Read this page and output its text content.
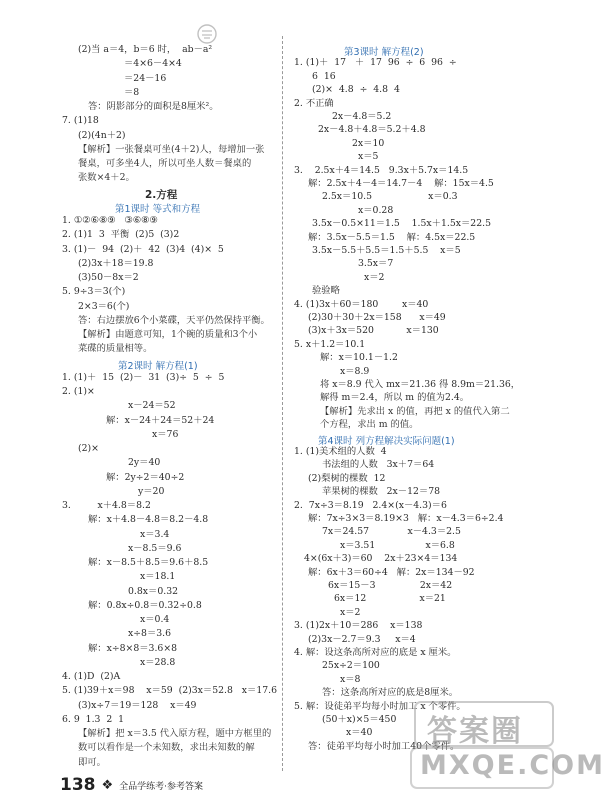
(2)当 a＝4，b＝6 时，  ab－a²
＝4×6－4×4
＝24－16
＝8
答：阴影部分的面积是8厘米²。
7. (1)18
(2)(4n＋2)
【解析】一张餐桌可坐(4＋2)人，每增加一张
餐桌，可多坐4人，所以可坐人数＝餐桌的
张数×4＋2。
2.方程
第1课时 等式和方程
1. ①②⑥⑧⑨   ③⑥⑧⑨
2. (1)1  3  平衡  (2)5  (3)2
3. (1)－  94  (2)＋  42  (3)4  (4)×  5
(2)3x＋18＝19.8
(3)50－8x＝2
5. 9÷3＝3(个)
2×3＝6(个)
答：右边摆放6个小菜碟，天平仍然保持平衡。
【解析】由题意可知，1个碗的质量和3个小
菜碟的质量相等。
第2课时 解方程(1)
1. (1)＋  15  (2)－  31  (3)÷  5  ÷  5
2. (1)×
x－24＝52
解：x－24＋24＝52＋24
x＝76
(2)×
2y＝40
解：2y÷2＝40÷2
y＝20
3.         x＋4.8＝8.2
解：x＋4.8－4.8＝8.2－4.8
x＝3.4
x－8.5＝9.6
解：x－8.5＋8.5＝9.6＋8.5
x＝18.1
0.8x＝0.32
解：0.8x÷0.8＝0.32÷0.8
x＝0.4
x÷8＝3.6
解：x÷8×8＝3.6×8
x＝28.8
4. (1)D  (2)A
5. (1)39＋x＝98    x＝59  (2)3x＝52.8   x＝17.6
(3)x÷7＝19＝128    x＝49
6. 9  1.3  2  1
【解析】把 x＝3.5 代入原方程，题中方框里的
数可以看作是一个未知数，求出未知数的解
即可。
第3课时 解方程(2)
1. (1)＋  17   ＋  17  96  ÷  6  96  ÷
6  16
(2)×  4.8  ÷  4.8  4
2. 不正确
2x－4.8＝5.2
2x－4.8＋4.8＝5.2＋4.8
2x＝10
x＝5
3.    2.5x＋4＝14.5   9.3x＋5.7x＝14.5
解：2.5x＋4－4＝14.7－4    解：15x＝4.5
2.5x＝10.5                   x＝0.3
x＝0.28
3.5x－0.5×11＝1.5    1.5x＋1.5x＝22.5
解：3.5x－5.5＝1.5    解：4.5x＝22.5
3.5x－5.5＋5.5＝1.5＋5.5    x＝5
3.5x＝7
x＝2
验验略
4. (1)3x＋60＝180        x＝40
(2)30＋30＋2x＝158      x＝49
(3)x＋3x＝520           x＝130
5. x＋1.2＝10.1
解：x＝10.1－1.2
x＝8.9
将 x＝8.9 代入 mx＝21.36 得 8.9m＝21.36，
解得 m＝2.4，所以 m 的值为2.4。
【解析】先求出 x 的值，再把 x 的值代入第二
个方程，求出 m 的值。
第4课时 列方程解决实际问题(1)
1. (1)美术组的人数  4
书法组的人数   3x＋7＝64
(2)梨树的棵数  12
苹果树的棵数   2x－12＝78
2.  7x÷3＝8.19   2.4×(x－4.3)＝6
解：7x÷3×3＝8.19×3   解：x－4.3＝6÷2.4
7x＝24.57             x－4.3＝2.5
x＝3.51                 x＝6.8
4×(6x＋3)＝60    2x＋23×4＝134
解：6x＋3＝60÷4   解：2x＝134－92
6x＝15－3               2x＝42
6x＝12                  x＝21
x＝2
3. (1)2x＋10＝286    x＝138
(2)3x－2.7＝9.3     x＝4
4. 解：设这条高所对应的底是 x 厘米。
25x÷2＝100
x＝8
答：这条高所对应的底是8厘米。
5. 解：设徒弟平均每小时加工 x 个零件。
(50＋x)×5＝450
x＝40
答：徒弟平均每小时加工40个零件。
138 ❖ 全品学练考·参考答案
答案圈
MXQE.COM
